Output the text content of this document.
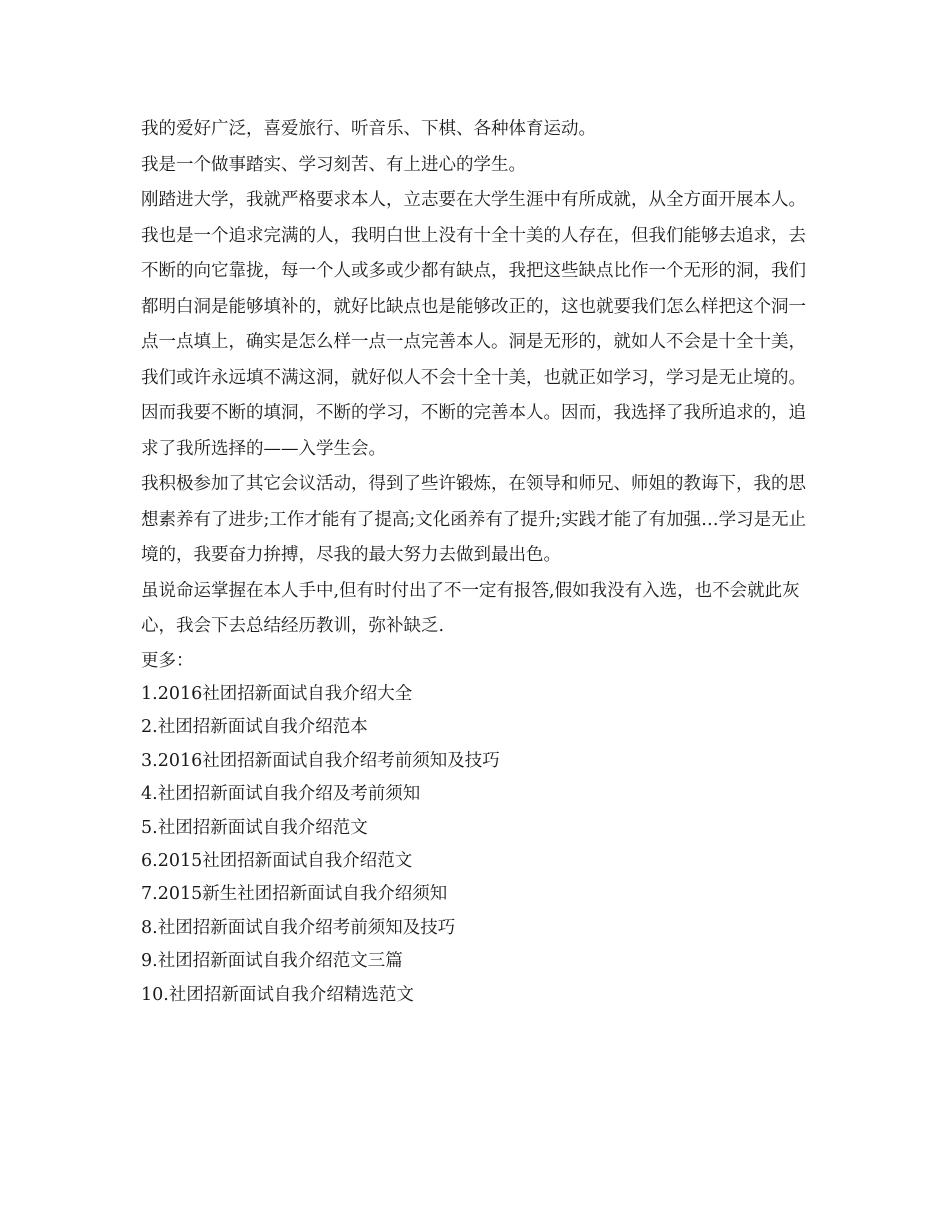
我的爱好广泛，喜爱旅行、听音乐、下棋、各种体育运动。

我是一个做事踏实、学习刻苦、有上进心的学生。

刚踏进大学，我就严格要求本人，立志要在大学生涯中有所成就，从全方面开展本人。

我也是一个追求完满的人，我明白世上没有十全十美的人存在，但我们能够去追求，去不断的向它靠拢，每一个人或多或少都有缺点，我把这些缺点比作一个无形的洞，我们都明白洞是能够填补的，就好比缺点也是能够改正的，这也就要我们怎么样把这个洞一点一点填上，确实是怎么样一点一点完善本人。洞是无形的，就如人不会是十全十美，我们或许永远填不满这洞，就好似人不会十全十美，也就正如学习，学习是无止境的。因而我要不断的填洞，不断的学习，不断的完善本人。因而，我选择了我所追求的，追求了我所选择的——入学生会。

我积极参加了其它会议活动，得到了些许锻炼，在领导和师兄、师姐的教诲下，我的思想素养有了进步;工作才能有了提高;文化函养有了提升;实践才能了有加强…学习是无止境的，我要奋力拚搏，尽我的最大努力去做到最出色。

虽说命运掌握在本人手中,但有时付出了不一定有报答,假如我没有入选，也不会就此灰心，我会下去总结经历教训，弥补缺乏.

更多：

1.2016社团招新面试自我介绍大全
2.社团招新面试自我介绍范本
3.2016社团招新面试自我介绍考前须知及技巧
4.社团招新面试自我介绍及考前须知
5.社团招新面试自我介绍范文
6.2015社团招新面试自我介绍范文
7.2015新生社团招新面试自我介绍须知
8.社团招新面试自我介绍考前须知及技巧
9.社团招新面试自我介绍范文三篇
10.社团招新面试自我介绍精选范文
